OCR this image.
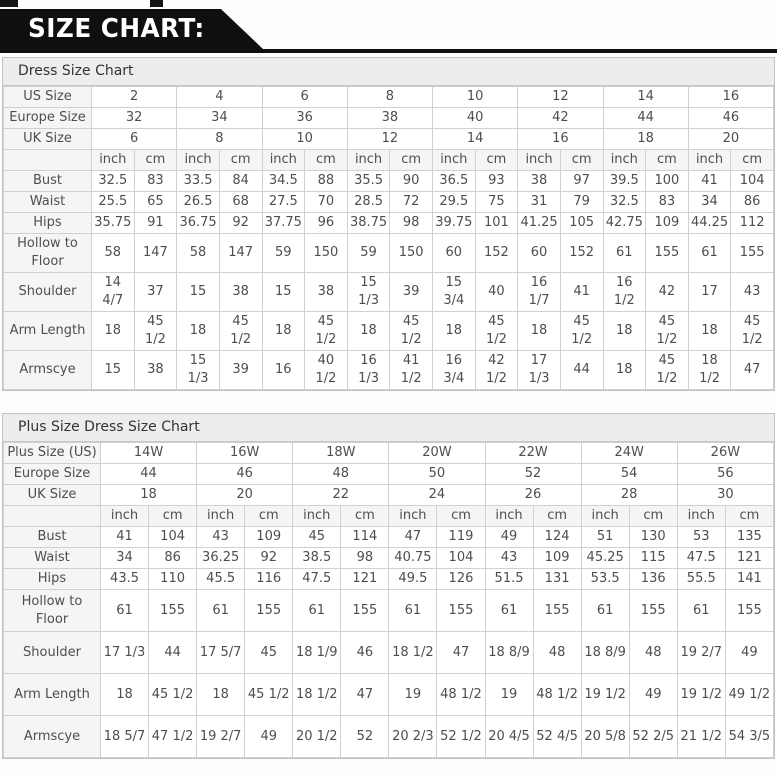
SIZE CHART:
Dress Size Chart
US Size	2		4		6		8		10		12		14		16	
Europe Size	32		34		36		38		40		42		44		46	
UK Size	6		8		10		12		14		16		18		20	
	inch	cm	inch	cm	inch	cm	inch	cm	inch	cm	inch	cm	inch	cm	inch	cm
Bust	32.5	83	33.5	84	34.5	88	35.5	90	36.5	93	38	97	39.5	100	41	104
Waist	25.5	65	26.5	68	27.5	70	28.5	72	29.5	75	31	79	32.5	83	34	86
Hips	35.75	91	36.75	92	37.75	96	38.75	98	39.75	101	41.25	105	42.75	109	44.25	112
Hollow to Floor	58	147	58	147	59	150	59	150	60	152	60	152	61	155	61	155
Shoulder	14 4/7	37	15	38	15	38	15 1/3	39	15 3/4	40	16 1/7	41	16 1/2	42	17	43
Arm Length	18	45 1/2	18	45 1/2	18	45 1/2	18	45 1/2	18	45 1/2	18	45 1/2	18	45 1/2	18	45 1/2
Armscye	15	38	15 1/3	39	16	40 1/2	16 1/3	41 1/2	16 3/4	42 1/2	17 1/3	44	18	45 1/2	18 1/2	47
Plus Size Dress Size Chart
Plus Size (US)	14W		16W		18W		20W		22W		24W		26W	
Europe Size	44		46		48		50		52		54		56	
UK Size	18		20		22		24		26		28		30	
	inch	cm	inch	cm	inch	cm	inch	cm	inch	cm	inch	cm	inch	cm
Bust	41	104	43	109	45	114	47	119	49	124	51	130	53	135
Waist	34	86	36.25	92	38.5	98	40.75	104	43	109	45.25	115	47.5	121
Hips	43.5	110	45.5	116	47.5	121	49.5	126	51.5	131	53.5	136	55.5	141
Hollow to Floor	61	155	61	155	61	155	61	155	61	155	61	155	61	155
Shoulder	17 1/3	44	17 5/7	45	18 1/9	46	18 1/2	47	18 8/9	48	18 8/9	48	19 2/7	49
Arm Length	18	45 1/2	18	45 1/2	18 1/2	47	19	48 1/2	19	48 1/2	19 1/2	49	19 1/2	49 1/2
Armscye	18 5/7	47 1/2	19 2/7	49	20 1/2	52	20 2/3	52 1/2	20 4/5	52 4/5	20 5/8	52 2/5	21 1/2	54 3/5
